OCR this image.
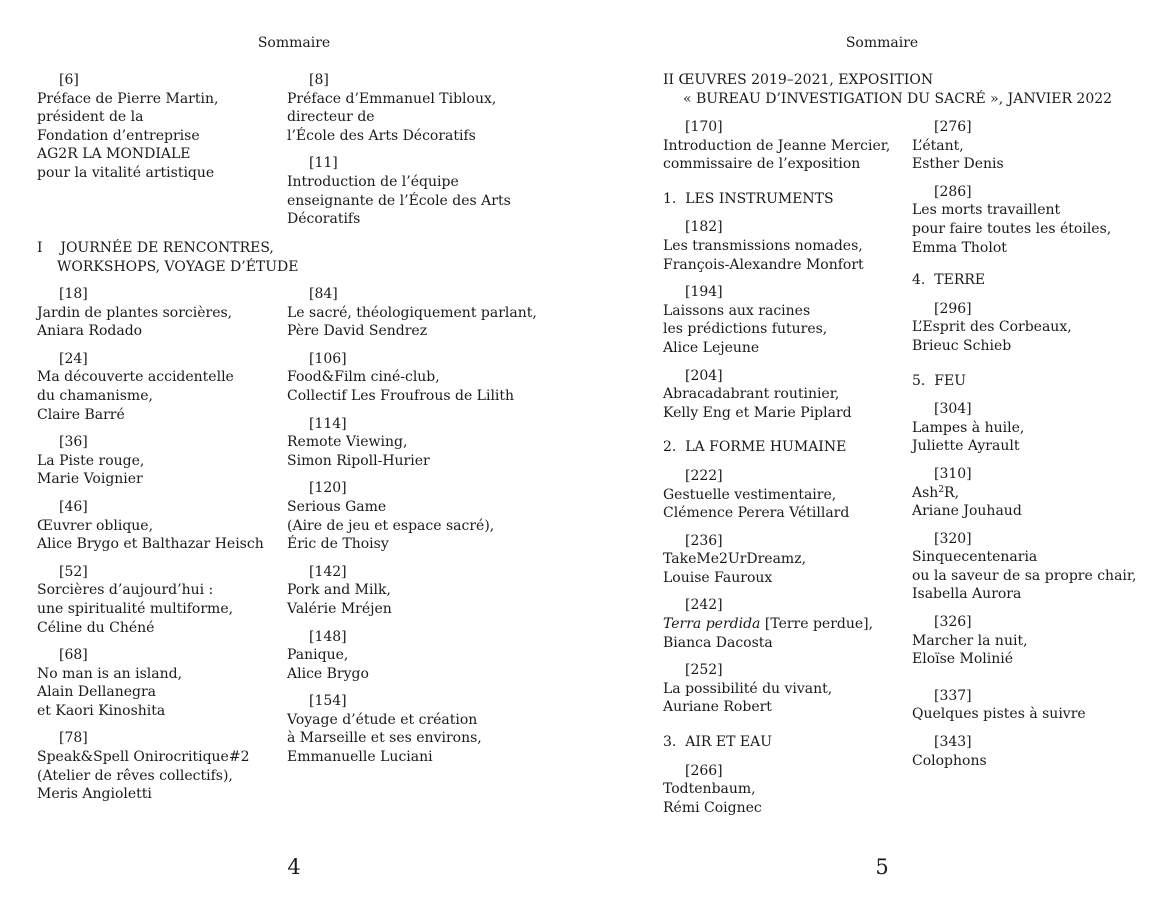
Sommaire
[6]
Préface de Pierre Martin,
président de la
Fondation d’entreprise
AG2R LA MONDIALE
pour la vitalité artistique
[8]
Préface d’Emmanuel Tibloux,
directeur de
l’École des Arts Décoratifs
[11]
Introduction de l’équipe
enseignante de l’École des Arts
Décoratifs
I    JOURNÉE DE RENCONTRES,
WORKSHOPS, VOYAGE D’ÉTUDE
[18]
Jardin de plantes sorcières,
Aniara Rodado
[24]
Ma découverte accidentelle
du chamanisme,
Claire Barré
[36]
La Piste rouge,
Marie Voignier
[46]
Œuvrer oblique,
Alice Brygo et Balthazar Heisch
[52]
Sorcières d’aujourd’hui :
une spiritualité multiforme,
Céline du Chéné
[68]
No man is an island,
Alain Dellanegra
et Kaori Kinoshita
[78]
Speak&Spell Onirocritique#2
(Atelier de rêves collectifs),
Meris Angioletti
[84]
Le sacré, théologiquement parlant,
Père David Sendrez
[106]
Food&Film ciné-club,
Collectif Les Froufrous de Lilith
[114]
Remote Viewing,
Simon Ripoll-Hurier
[120]
Serious Game
(Aire de jeu et espace sacré),
Éric de Thoisy
[142]
Pork and Milk,
Valérie Mréjen
[148]
Panique,
Alice Brygo
[154]
Voyage d’étude et création
à Marseille et ses environs,
Emmanuelle Luciani
4
Sommaire
II ŒUVRES 2019–2021, EXPOSITION
« BUREAU D’INVESTIGATION DU SACRÉ », JANVIER 2022
[170]
Introduction de Jeanne Mercier,
commissaire de l’exposition
1.  LES INSTRUMENTS
[182]
Les transmissions nomades,
François-Alexandre Monfort
[194]
Laissons aux racines
les prédictions futures,
Alice Lejeune
[204]
Abracadabrant routinier,
Kelly Eng et Marie Piplard
2.  LA FORME HUMAINE
[222]
Gestuelle vestimentaire,
Clémence Perera Vétillard
[236]
TakeMe2UrDreamz,
Louise Fauroux
[242]
Terra perdida [Terre perdue],
Bianca Dacosta
[252]
La possibilité du vivant,
Auriane Robert
3.  AIR ET EAU
[266]
Todtenbaum,
Rémi Coignec
[276]
L’étant,
Esther Denis
[286]
Les morts travaillent
pour faire toutes les étoiles,
Emma Tholot
4.  TERRE
[296]
L’Esprit des Corbeaux,
Brieuc Schieb
5.  FEU
[304]
Lampes à huile,
Juliette Ayrault
[310]
Ash$^2$R,
Ariane Jouhaud
[320]
Sinquecentenaria
ou la saveur de sa propre chair,
Isabella Aurora
[326]
Marcher la nuit,
Eloïse Molinié
[337]
Quelques pistes à suivre
[343]
Colophons
5
